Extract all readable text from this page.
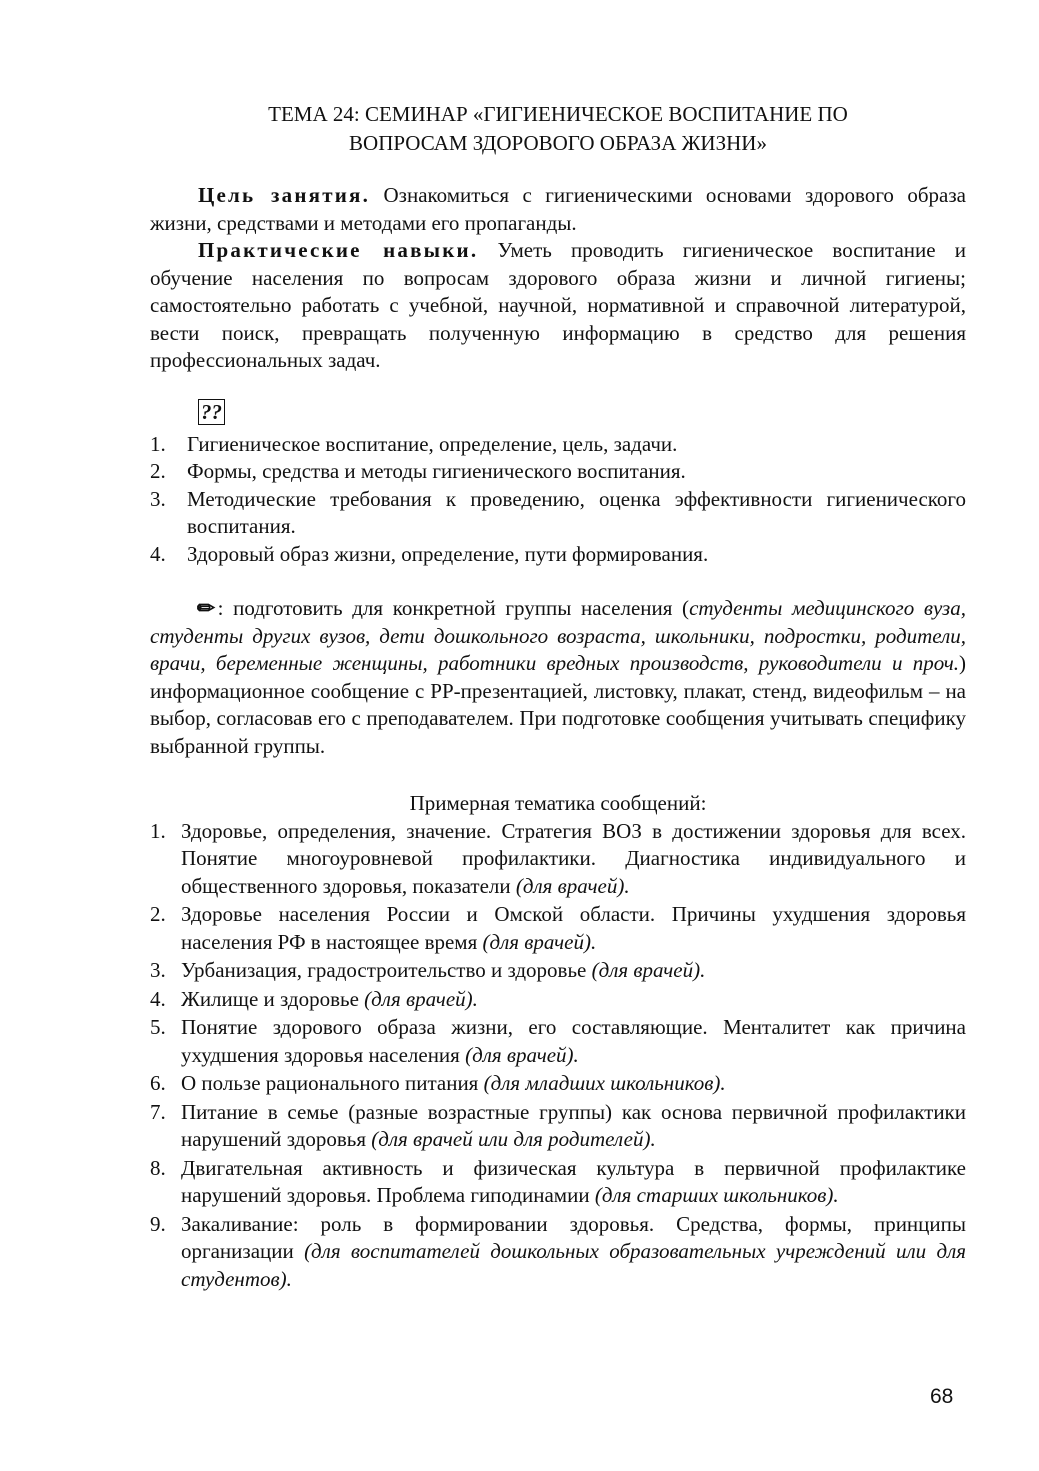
ТЕМА 24: СЕМИНАР «ГИГИЕНИЧЕСКОЕ ВОСПИТАНИЕ ПО
ВОПРОСАМ ЗДОРОВОГО ОБРАЗА ЖИЗНИ»

Цель занятия. Ознакомиться с гигиеническими основами здорового образа жизни, средствами и методами его пропаганды.

Практические навыки. Уметь проводить гигиеническое воспитание и обучение населения по вопросам здорового образа жизни и личной гигиены; самостоятельно работать с учебной, научной, нормативной и справочной литературой, вести поиск, превращать полученную информацию в средство для решения профессиональных задач.

??
1. Гигиеническое воспитание, определение, цель, задачи.
2. Формы, средства и методы гигиенического воспитания.
3. Методические требования к проведению, оценка эффективности гигиенического воспитания.
4. Здоровый образ жизни, определение, пути формирования.

✎: подготовить для конкретной группы населения (студенты медицинского вуза, студенты других вузов, дети дошкольного возраста, школьники, подростки, родители, врачи, беременные женщины, работники вредных производств, руководители и проч.) информационное сообщение с РР-презентацией, листовку, плакат, стенд, видеофильм – на выбор, согласовав его с преподавателем. При подготовке сообщения учитывать специфику выбранной группы.

Примерная тематика сообщений:
1. Здоровье, определения, значение. Стратегия ВОЗ в достижении здоровья для всех. Понятие многоуровневой профилактики. Диагностика индивидуального и общественного здоровья, показатели (для врачей).
2. Здоровье населения России и Омской области. Причины ухудшения здоровья населения РФ в настоящее время (для врачей).
3. Урбанизация, градостроительство и здоровье (для врачей).
4. Жилище и здоровье (для врачей).
5. Понятие здорового образа жизни, его составляющие. Менталитет как причина ухудшения здоровья населения (для врачей).
6. О пользе рационального питания (для младших школьников).
7. Питание в семье (разные возрастные группы) как основа первичной профилактики нарушений здоровья (для врачей или для родителей).
8. Двигательная активность и физическая культура в первичной профилактике нарушений здоровья. Проблема гиподинамии (для старших школьников).
9. Закаливание: роль в формировании здоровья. Средства, формы, принципы организации (для воспитателей дошкольных образовательных учреждений или для студентов).
68
